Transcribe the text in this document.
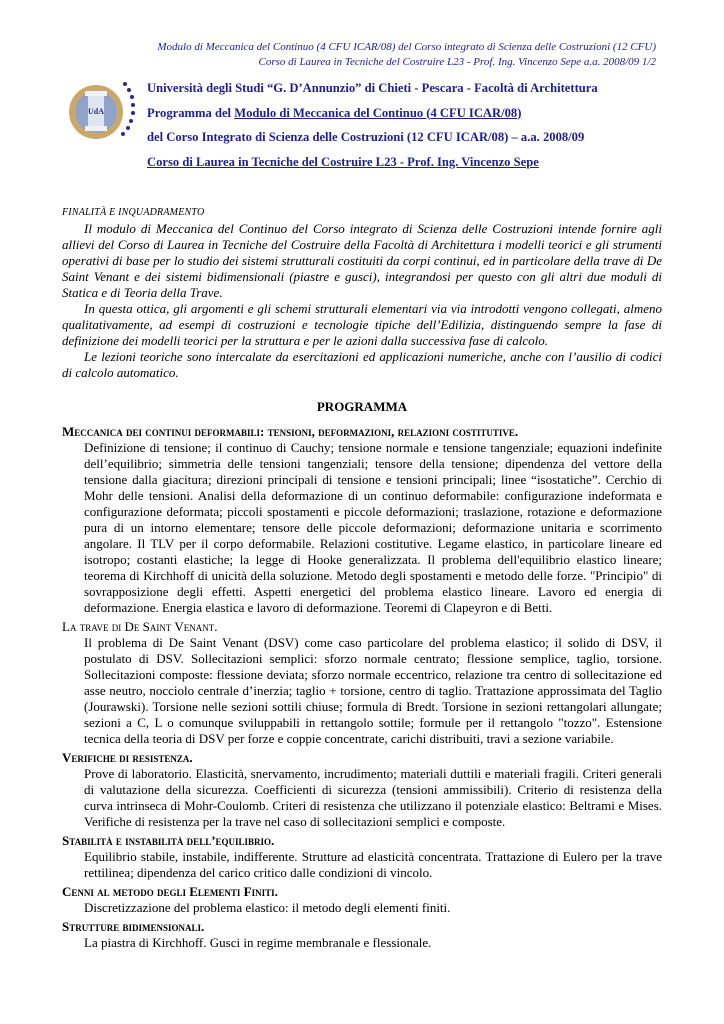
Modulo di Meccanica del Continuo (4 CFU ICAR/08) del Corso integrato di Scienza delle Costruzioni (12 CFU)
Corso di Laurea in Tecniche del Costruire L23 - Prof. Ing. Vincenzo Sepe a.a. 2008/09 1/2
UdA
Università degli Studi “G. D’Annunzio” di Chieti - Pescara - Facoltà di Architettura
Programma del Modulo di Meccanica del Continuo (4 CFU ICAR/08)
del Corso Integrato di Scienza delle Costruzioni (12 CFU ICAR/08) – a.a. 2008/09
Corso di Laurea in Tecniche del Costruire L23 - Prof. Ing. Vincenzo Sepe
FINALITÀ E INQUADRAMENTO

Il modulo di Meccanica del Continuo del Corso integrato di Scienza delle Costruzioni intende fornire agli allievi del Corso di Laurea in Tecniche del Costruire della Facoltà di Architettura i modelli teorici e gli strumenti operativi di base per lo studio dei sistemi strutturali costituiti da corpi continui, ed in particolare della trave di De Saint Venant e dei sistemi bidimensionali (piastre e gusci), integrandosi per questo con gli altri due moduli di Statica e di Teoria della Trave.

In questa ottica, gli argomenti e gli schemi strutturali elementari via via introdotti vengono collegati, almeno qualitativamente, ad esempi di costruzioni e tecnologie tipiche dell’Edilizia, distinguendo sempre la fase di definizione dei modelli teorici per la struttura e per le azioni dalla successiva fase di calcolo.

Le lezioni teoriche sono intercalate da esercitazioni ed applicazioni numeriche, anche con l’ausilio di codici di calcolo automatico.

PROGRAMMA
Meccanica dei continui deformabili: tensioni, deformazioni, relazioni costitutive.
Definizione di tensione; il continuo di Cauchy; tensione normale e tensione tangenziale; equazioni indefinite dell’equilibrio; simmetria delle tensioni tangenziali; tensore della tensione; dipendenza del vettore della tensione dalla giacitura; direzioni principali di tensione e tensioni principali; linee “isostatiche”. Cerchio di Mohr delle tensioni. Analisi della deformazione di un continuo deformabile: configurazione indeformata e configurazione deformata; piccoli spostamenti e piccole deformazioni; traslazione, rotazione e deformazione pura di un intorno elementare; tensore delle piccole deformazioni; deformazione unitaria e scorrimento angolare. Il TLV per il corpo deformabile. Relazioni costitutive. Legame elastico, in particolare lineare ed isotropo; costanti elastiche; la legge di Hooke generalizzata. Il problema dell'equilibrio elastico lineare; teorema di Kirchhoff di unicità della soluzione. Metodo degli spostamenti e metodo delle forze. "Principio" di sovrapposizione degli effetti. Aspetti energetici del problema elastico lineare. Lavoro ed energia di deformazione. Energia elastica e lavoro di deformazione. Teoremi di Clapeyron e di Betti.
La trave di De Saint Venant.
Il problema di De Saint Venant (DSV) come caso particolare del problema elastico; il solido di DSV, il postulato di DSV. Sollecitazioni semplici: sforzo normale centrato; flessione semplice, taglio, torsione. Sollecitazioni composte: flessione deviata; sforzo normale eccentrico, relazione tra centro di sollecitazione ed asse neutro, nocciolo centrale d’inerzia; taglio + torsione, centro di taglio. Trattazione approssimata del Taglio (Jourawski). Torsione nelle sezioni sottili chiuse; formula di Bredt. Torsione in sezioni rettangolari allungate; sezioni a C, L o comunque sviluppabili in rettangolo sottile; formule per il rettangolo "tozzo". Estensione tecnica della teoria di DSV per forze e coppie concentrate, carichi distribuiti, travi a sezione variabile.
Verifiche di resistenza.
Prove di laboratorio. Elasticità, snervamento, incrudimento; materiali duttili e materiali fragili. Criteri generali di valutazione della sicurezza. Coefficienti di sicurezza (tensioni ammissibili). Criterio di resistenza della curva intrinseca di Mohr-Coulomb. Criteri di resistenza che utilizzano il potenziale elastico: Beltrami e Mises. Verifiche di resistenza per la trave nel caso di sollecitazioni semplici e composte.
Stabilità e instabilità dell’equilibrio.
Equilibrio stabile, instabile, indifferente. Strutture ad elasticità concentrata. Trattazione di Eulero per la trave rettilinea; dipendenza del carico critico dalle condizioni di vincolo.
Cenni al metodo degli Elementi Finiti.
Discretizzazione del problema elastico: il metodo degli elementi finiti.
Strutture bidimensionali.
La piastra di Kirchhoff. Gusci in regime membranale e flessionale.
